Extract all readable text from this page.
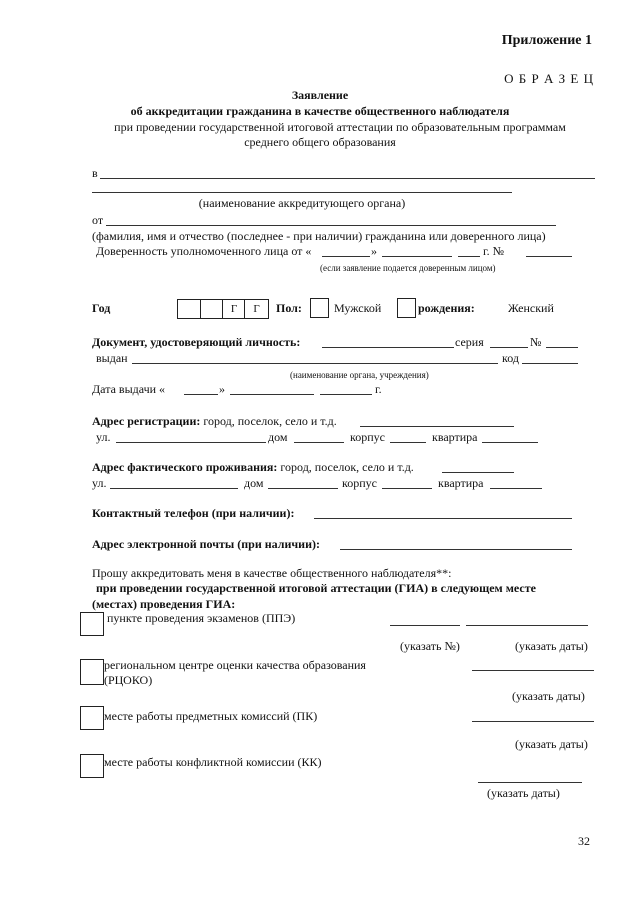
Приложение 1
О Б Р А З Е Ц
Заявление
об аккредитации гражданина в качестве общественного наблюдателя
при проведении государственной итоговой аттестации по образовательным программам
среднего общего образования
в
(наименование аккредитующего органа)
от
(фамилия, имя и отчество (последнее - при наличии) гражданина или доверенного лица)
Доверенность уполномоченного лица от «	»	г. №
(если заявление подается доверенным лицом)
Год	Г	Г	Пол:	Мужской	рождения:	Женский
Документ, удостоверяющий личность:	серия	№
выдан	код
(наименование органа, учреждения)
Дата выдачи «	»	г.
Адрес регистрации: город, поселок, село и т.д.
ул.	дом	корпус	квартира
Адрес фактического проживания: город, поселок, село и т.д.
ул.	дом	корпус	квартира
Контактный телефон (при наличии):
Адрес электронной почты (при наличии):
Прошу аккредитовать меня в качестве общественного наблюдателя**:
при проведении государственной итоговой аттестации (ГИА) в следующем месте
(местах) проведения ГИА:
пункте проведения экзаменов (ППЭ)
(указать №)	(указать даты)
региональном центре оценки качества образования
(РЦОКО)
(указать даты)
месте работы предметных комиссий (ПК)
(указать даты)
месте работы конфликтной комиссии (КК)
(указать даты)
32
